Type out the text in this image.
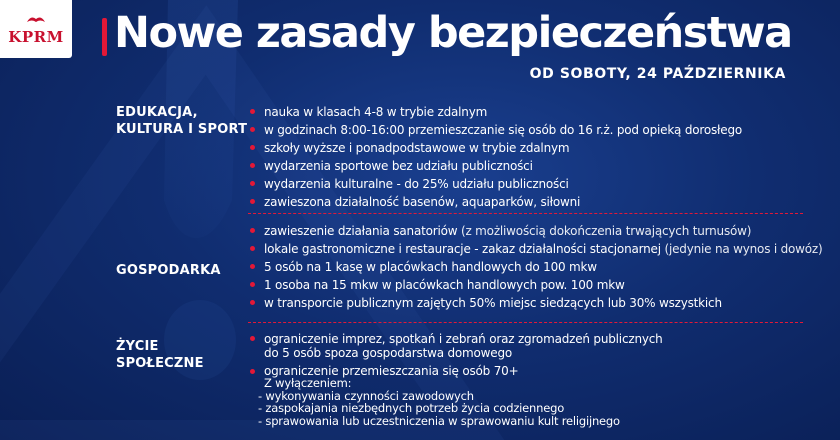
KPRM Nowe zasady bezpieczeństwa
OD SOBOTY, 24 PAŹDZIERNIKA
EDUKACJA,
KULTURA I SPORT
nauka w klasach 4-8 w trybie zdalnym
w godzinach 8:00-16:00 przemieszczanie się osób do 16 r.ż. pod opieką dorosłego
szkoły wyższe i ponadpodstawowe w trybie zdalnym
wydarzenia sportowe bez udziału publiczności
wydarzenia kulturalne - do 25% udziału publiczności
zawieszona działalność basenów, aquaparków, siłowni
GOSPODARKA
zawieszenie działania sanatoriów (z możliwością dokończenia trwających turnusów)
lokale gastronomiczne i restauracje - zakaz działalności stacjonarnej (jedynie na wynos i dowóz)
5 osób na 1 kasę w placówkach handlowych do 100 mkw
1 osoba na 15 mkw w placówkach handlowych pow. 100 mkw
w transporcie publicznym zajętych 50% miejsc siedzących lub 30% wszystkich
ŻYCIE
SPOŁECZNE
ograniczenie imprez, spotkań i zebrań oraz zgromadzeń publicznych
do 5 osób spoza gospodarstwa domowego
ograniczenie przemieszczania się osób 70+
Z wyłączeniem:
- wykonywania czynności zawodowych
- zaspokajania niezbędnych potrzeb życia codziennego
- sprawowania lub uczestniczenia w sprawowaniu kult religijnego
